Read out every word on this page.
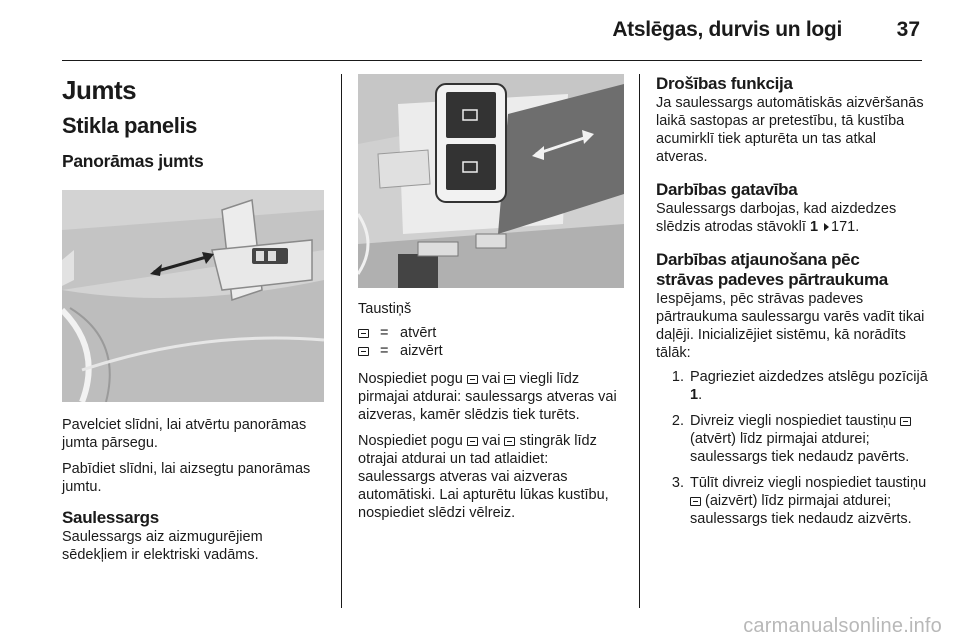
Atslēgas, durvis un logi	37
Jumts
Stikla panelis
Panorāmas jumts

Pavelciet slīdni, lai atvērtu panorāmas jumta pārsegu.

Pabīdiet slīdni, lai aizsegtu panorāmas jumtu.

Saulessargs

Saulessargs aiz aizmugurējiem sēdekļiem ir elektriski vadāms.

Taustiņš

= atvērt
= aizvērt

Nospiediet pogu vai viegli līdz pirmajai atdurai: saulessargs atveras vai aizveras, kamēr slēdzis tiek turēts.

Nospiediet pogu vai stingrāk līdz otrajai atdurai un tad atlaidiet: saulessargs atveras vai aizveras automātiski. Lai apturētu lūkas kustību, nospiediet slēdzi vēlreiz.

Drošības funkcija

Ja saulessargs automātiskās aizvēršanās laikā sastopas ar pretestību, tā kustība acumirklī tiek apturēta un tas atkal atveras.

Darbības gatavība

Saulessargs darbojas, kad aizdedzes slēdzis atrodas stāvoklī 1 171.

Darbības atjaunošana pēc
strāvas padeves pārtraukuma

Iespējams, pēc strāvas padeves pārtraukuma saulessargu varēs vadīt tikai daļēji. Inicializējiet sistēmu, kā norādīts tālāk:

1. Pagrieziet aizdedzes atslēgu pozīcijā 1.
2. Divreiz viegli nospiediet taustiņu  (atvērt) līdz pirmajai atdurei; saulessargs tiek nedaudz pavērts.
3. Tūlīt divreiz viegli nospiediet taustiņu  (aizvērt) līdz pirmajai atdurei; saulessargs tiek nedaudz aizvērts.
carmanualsonline.info
